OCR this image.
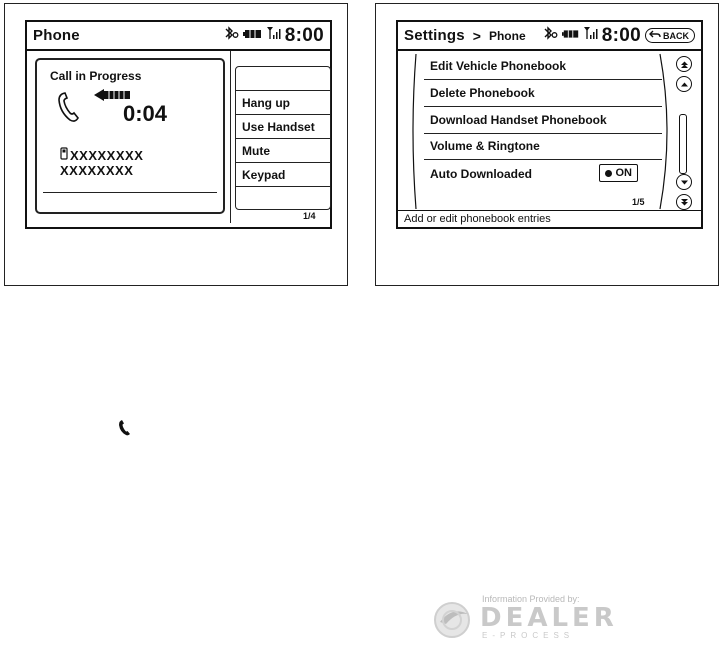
Phone	8:00
Call in Progress
0:04
XXXXXXXX
XXXXXXXX
Hang up
Use Handset
Mute
Keypad
1/4
Settings > Phone	8:00 BACK
Edit Vehicle Phonebook
Delete Phonebook
Download Handset Phonebook
Volume & Ringtone
Auto Downloaded	ON
1/5
Add or edit phonebook entries
Information Provided by:
DEALER
E-PROCESS
